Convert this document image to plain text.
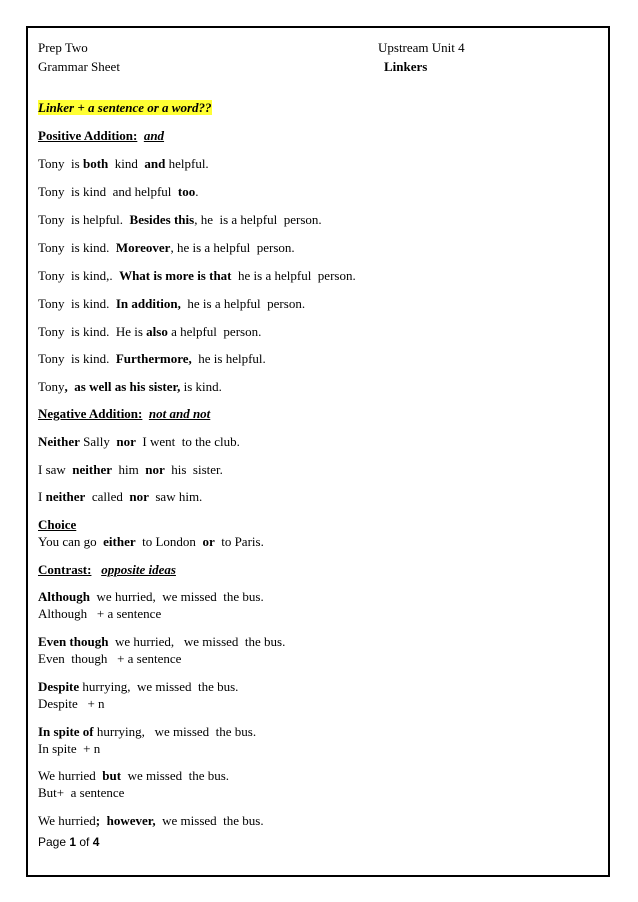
Prep Two	Upstream Unit 4
Grammar Sheet	Linkers
Linker + a sentence or a word??
Positive Addition: and
Tony  is both  kind  and helpful.
Tony  is kind  and helpful  too.
Tony  is helpful.  Besides this, he  is a helpful  person.
Tony  is kind.  Moreover, he is a helpful  person.
Tony  is kind,.  What is more is that  he is a helpful  person.
Tony  is kind.  In addition,  he is a helpful  person.
Tony  is kind.  He is also a helpful  person.
Tony  is kind.  Furthermore,  he is helpful.
Tony,  as well as his sister, is kind.
Negative Addition: not and not
Neither Sally  nor  I went  to the club.
I saw  neither  him  nor  his  sister.
I neither  called  nor  saw him.
Choice
You can go  either  to London  or  to Paris.
Contrast: opposite ideas
Although  we hurried,  we missed  the bus.
Although   + a sentence
Even though  we hurried,   we missed  the bus.
Even  though   + a sentence
Despite hurrying,  we missed  the bus.
Despite   + n
In spite of hurrying,   we missed  the bus.
In spite  + n
We hurried  but  we missed  the bus.
But+  a sentence
We hurried;  however,  we missed  the bus.
Page 1 of 4
